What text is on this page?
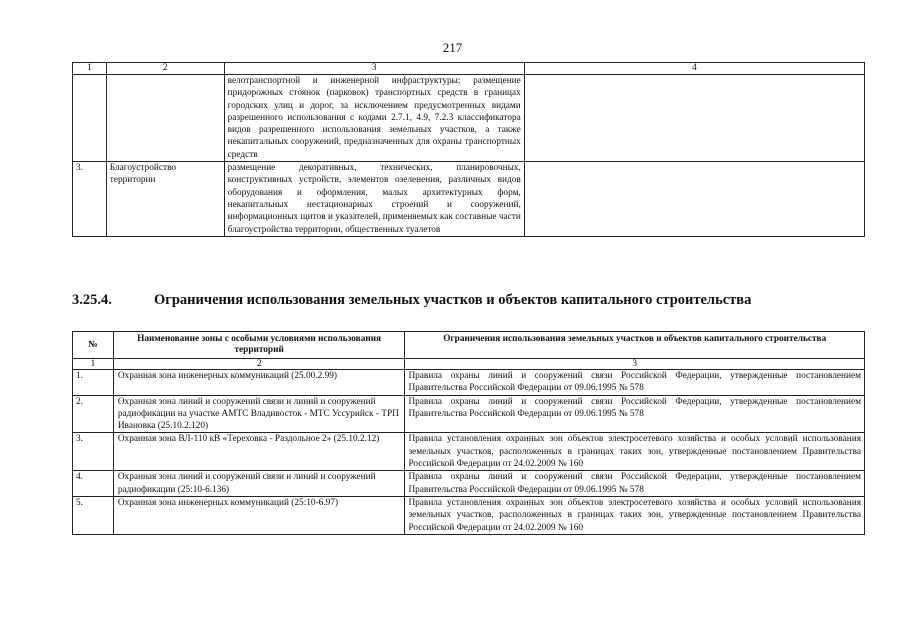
217
1	2	3	4
		велотранспортной и инженерной инфраструктуры; размещение придорожных стоянок (парковок) транспортных средств в границах городских улиц и дорог, за исключением предусмотренных видами разрешенного использования с кодами 2.7.1, 4.9, 7.2.3 классификатора видов разрешенного использования земельных участков, а также некапитальных сооружений, предназначенных для охраны транспортных средств	
3.	Благоустройство территории	размещение декоративных, технических, планировочных, конструктивных устройств, элементов озеленения, различных видов оборудования и оформления, малых архитектурных форм, некапитальных нестационарных строений и сооружений, информационных щитов и указателей, применяемых как составные части благоустройства территории, общественных туалетов	
3.25.4.	Ограничения использования земельных участков и объектов капитального строительства
№	Наименование зоны с особыми условиями использования территорий	Ограничения использования земельных участков и объектов капитального строительства
1	2	3
1.	Охранная зона инженерных коммуникаций (25.00.2.99)	Правила охраны линий и сооружений связи Российской Федерации, утвержденные постановлением Правительства Российской Федерации от 09.06.1995 № 578
2.	Охранная зона линий и сооружений связи и линий и сооружений радиофикации на участке АМТС Владивосток - МТС Уссурийск - ТРП Ивановка (25.10.2.120)	Правила охраны линий и сооружений связи Российской Федерации, утвержденные постановлением Правительства Российской Федерации от 09.06.1995 № 578
3.	Охранная зона ВЛ-110 кВ «Тереховка - Раздольное 2» (25.10.2.12)	Правила установления охранных зон объектов электросетевого хозяйства и особых условий использования земельных участков, расположенных в границах таких зон, утвержденные постановлением Правительства Российской Федерации от 24.02.2009 № 160
4.	Охранная зона линий и сооружений связи и линий и сооружений радиофикации (25:10-6.136)	Правила охраны линий и сооружений связи Российской Федерации, утвержденные постановлением Правительства Российской Федерации от 09.06.1995 № 578
5.	Охранная зона инженерных коммуникаций (25:10-6.97)	Правила установления охранных зон объектов электросетевого хозяйства и особых условий использования земельных участков, расположенных в границах таких зон, утвержденные постановлением Правительства Российской Федерации от 24.02.2009 № 160
